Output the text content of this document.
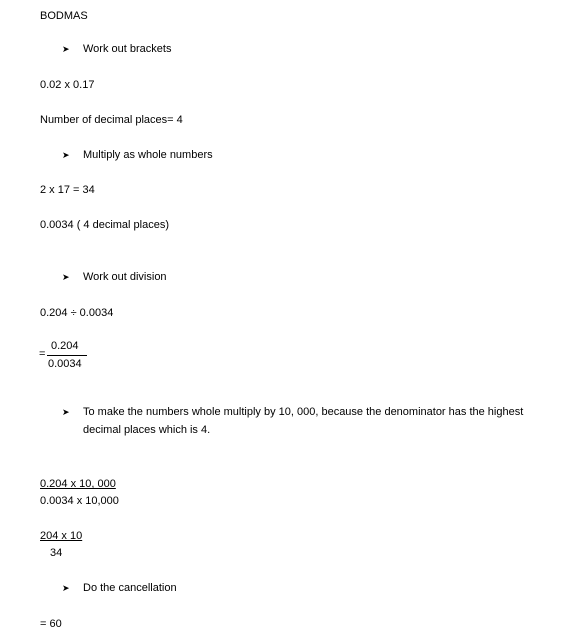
BODMAS
➤ Work out brackets
0.02 x 0.17
Number of decimal places= 4
➤ Multiply as whole numbers
2 x 17 = 34
0.0034 ( 4 decimal places)
➤ Work out division
0.204 ÷ 0.0034
=
0.204
0.0034
➤ To make the numbers whole multiply by 10, 000, because the denominator has the highest decimal places which is 4.
0.204 x 10, 000
0.0034 x 10,000
204 x 10
34
➤ Do the cancellation
= 60
